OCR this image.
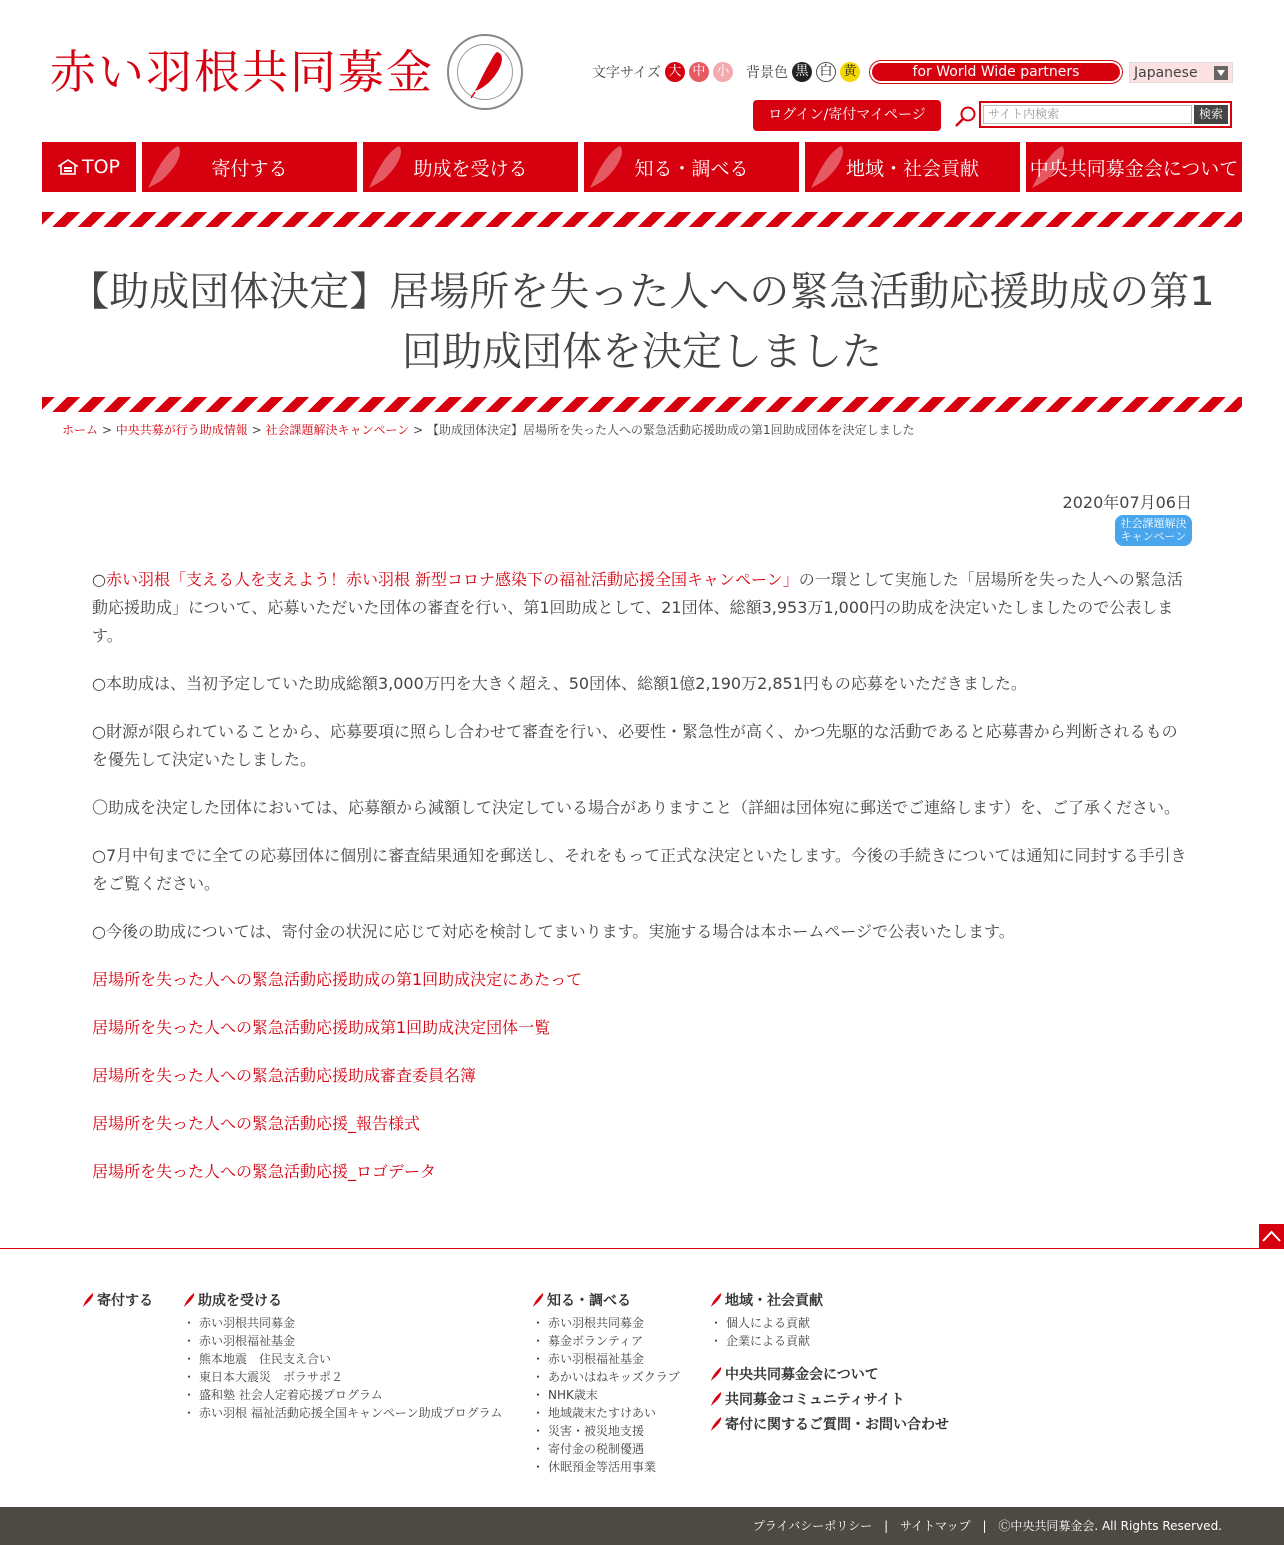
赤い羽根共同募金	文字サイズ 大 中 小 背景色 黒 白 黄	for World Wide partners	Japanese
ログイン/寄付マイページ	サイト内検索	検索
TOP	寄付する	助成を受ける	知る・調べる	地域・社会貢献	中央共同募金会について
【助成団体決定】居場所を失った人への緊急活動応援助成の第1
回助成団体を決定しました
ホーム > 中央共募が行う助成情報 > 社会課題解決キャンペーン > 【助成団体決定】居場所を失った人への緊急活動応援助成の第1回助成団体を決定しました
2020年07月06日
社会課題解決
キャンペーン

○赤い羽根「支える人を支えよう！赤い羽根 新型コロナ感染下の福祉活動応援全国キャンペーン」の一環として実施した「居場所を失った人への緊急活動応援助成」について、応募いただいた団体の審査を行い、第1回助成として、21団体、総額3,953万1,000円の助成を決定いたしましたので公表します。

○本助成は、当初予定していた助成総額3,000万円を大きく超え、50団体、総額1億2,190万2,851円もの応募をいただきました。

○財源が限られていることから、応募要項に照らし合わせて審査を行い、必要性・緊急性が高く、かつ先駆的な活動であると応募書から判断されるものを優先して決定いたしました。

〇助成を決定した団体においては、応募額から減額して決定している場合がありますこと（詳細は団体宛に郵送でご連絡します）を、ご了承ください。

○7月中旬までに全ての応募団体に個別に審査結果通知を郵送し、それをもって正式な決定といたします。今後の手続きについては通知に同封する手引きをご覧ください。

○今後の助成については、寄付金の状況に応じて対応を検討してまいります。実施する場合は本ホームページで公表いたします。

居場所を失った人への緊急活動応援助成の第1回助成決定にあたって

居場所を失った人への緊急活動応援助成第1回助成決定団体一覧

居場所を失った人への緊急活動応援助成審査委員名簿

居場所を失った人への緊急活動応援_報告様式

居場所を失った人への緊急活動応援_ロゴデータ

寄付する	助成を受ける
・ 赤い羽根共同募金
・ 赤い羽根福祉基金
・ 熊本地震　住民支え合い
・ 東日本大震災　ボラサポ２
・ 盛和塾 社会人定着応援プログラム
・ 赤い羽根 福祉活動応援全国キャンペーン助成プログラム
知る・調べる
・ 赤い羽根共同募金
・ 募金ボランティア
・ 赤い羽根福祉基金
・ あかいはねキッズクラブ
・ NHK歳末
・ 地域歳末たすけあい
・ 災害・被災地支援
・ 寄付金の税制優遇
・ 休眠預金等活用事業
地域・社会貢献
・ 個人による貢献
・ 企業による貢献
中央共同募金会について
共同募金コミュニティサイト
寄付に関するご質問・お問い合わせ
プライバシーポリシー | サイトマップ | Ⓒ中央共同募金会. All Rights Reserved.
